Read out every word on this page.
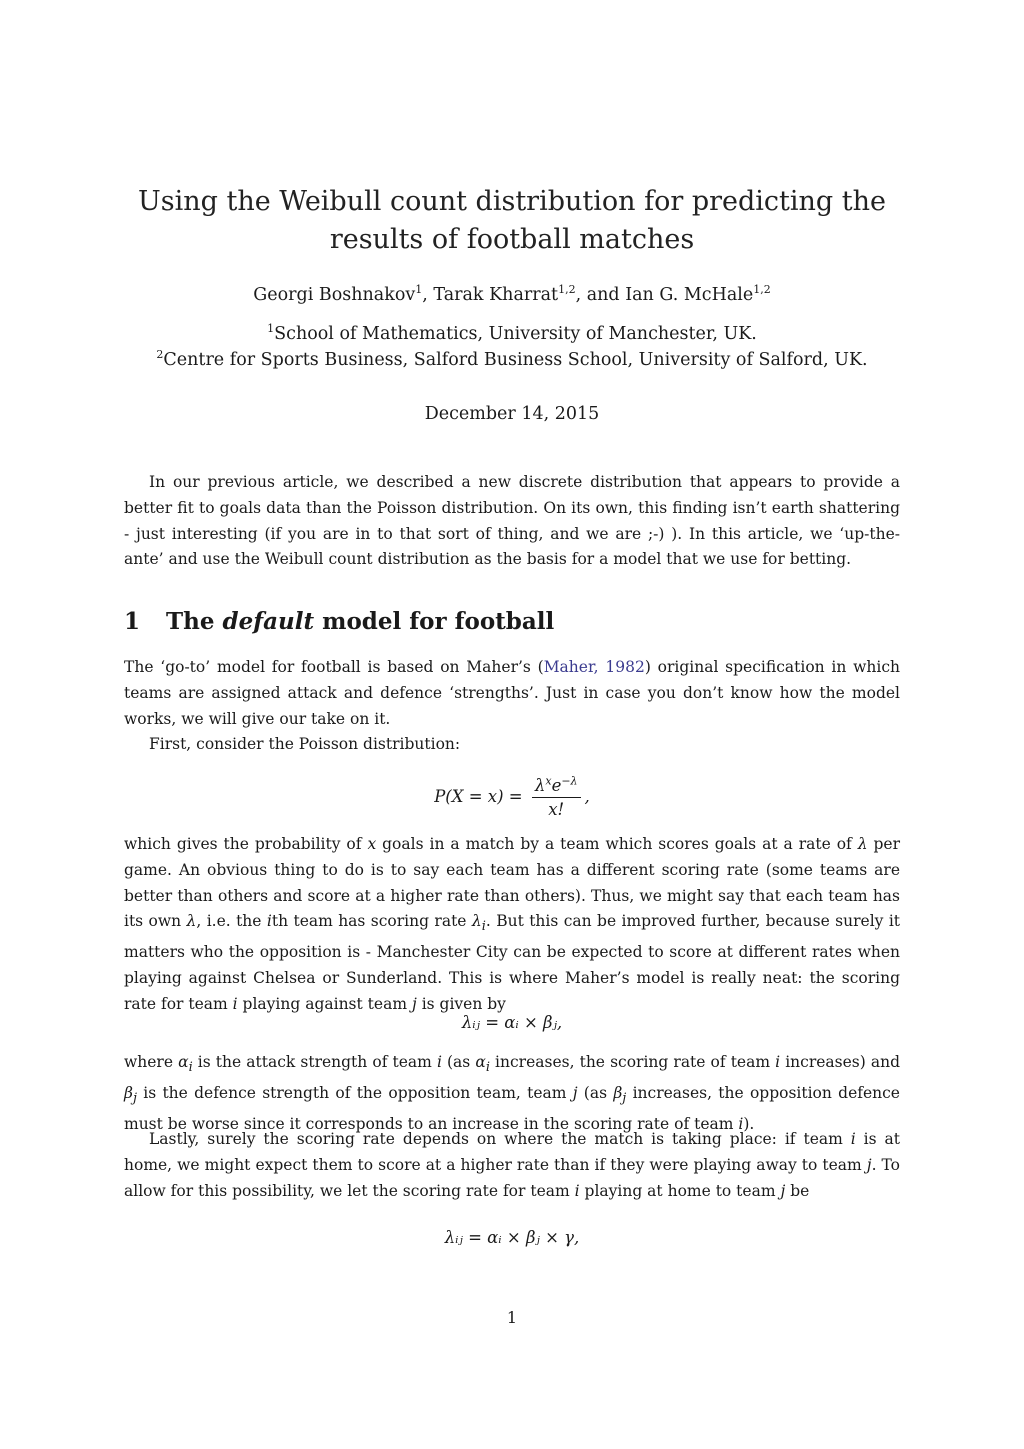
Using the Weibull count distribution for predicting the results of football matches
Georgi Boshnakov$^1$, Tarak Kharrat$^{1,2}$, and Ian G. McHale$^{1,2}$
$^1$School of Mathematics, University of Manchester, UK.
$^2$Centre for Sports Business, Salford Business School, University of Salford, UK.
December 14, 2015

In our previous article, we described a new discrete distribution that appears to provide a better fit to goals data than the Poisson distribution. On its own, this finding isn’t earth shattering - just interesting (if you are in to that sort of thing, and we are ;-) ). In this article, we ‘up-the-ante’ and use the Weibull count distribution as the basis for a model that we use for betting.

1 The default model for football

The ‘go-to’ model for football is based on Maher’s (Maher, 1982) original specification in which teams are assigned attack and defence ‘strengths’. Just in case you don’t know how the model works, we will give our take on it.

First, consider the Poisson distribution:

$P(X = x) = \frac{\lambda^xe^{-\lambda}}{x!}$ ,

which gives the probability of x goals in a match by a team which scores goals at a rate of λ per game. An obvious thing to do is to say each team has a different scoring rate (some teams are better than others and score at a higher rate than others). Thus, we might say that each team has its own λ, i.e. the ith team has scoring rate $\lambda_i$. But this can be improved further, because surely it matters who the opposition is - Manchester City can be expected to score at different rates when playing against Chelsea or Sunderland. This is where Maher’s model is really neat: the scoring rate for team i playing against team j is given by

λᵢⱼ = αᵢ × βⱼ,

where $\alpha_i$ is the attack strength of team i (as $\alpha_i$ increases, the scoring rate of team i increases) and $\beta_j$ is the defence strength of the opposition team, team j (as $\beta_j$ increases, the opposition defence must be worse since it corresponds to an increase in the scoring rate of team i).

Lastly, surely the scoring rate depends on where the match is taking place: if team i is at home, we might expect them to score at a higher rate than if they were playing away to team j. To allow for this possibility, we let the scoring rate for team i playing at home to team j be

λᵢⱼ = αᵢ × βⱼ × γ,
1
